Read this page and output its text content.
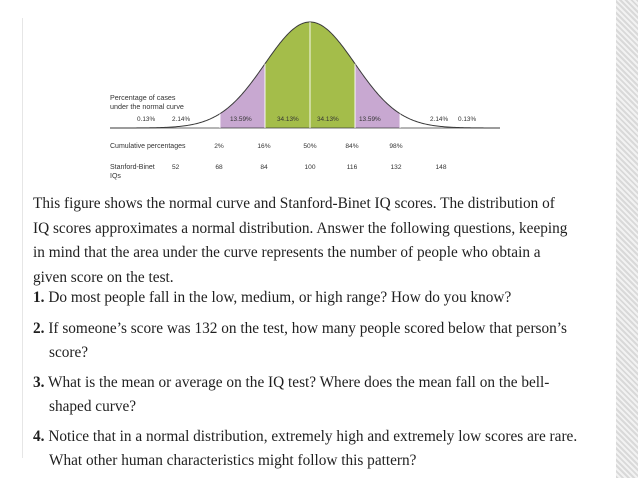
Percentage of cases
under the normal curve
0.13%	2.14%	13.59%	34.13%	34.13%	13.59%	2.14% 0.13%
Cumulative percentages	2%	16%	50%	84%	98%
Stanford-Binet
IQs
52	68	84	100	116	132	148

This figure shows the normal curve and Stanford-Binet IQ scores. The distribution of IQ scores approximates a normal distribution. Answer the following questions, keeping in mind that the area under the curve represents the number of people who obtain a given score on the test.

1. Do most people fall in the low, medium, or high range? How do you know?
2. If someone’s score was 132 on the test, how many people scored below that person’s score?
3. What is the mean or average on the IQ test? Where does the mean fall on the bell-shaped curve?
4. Notice that in a normal distribution, extremely high and extremely low scores are rare. What other human characteristics might follow this pattern?
